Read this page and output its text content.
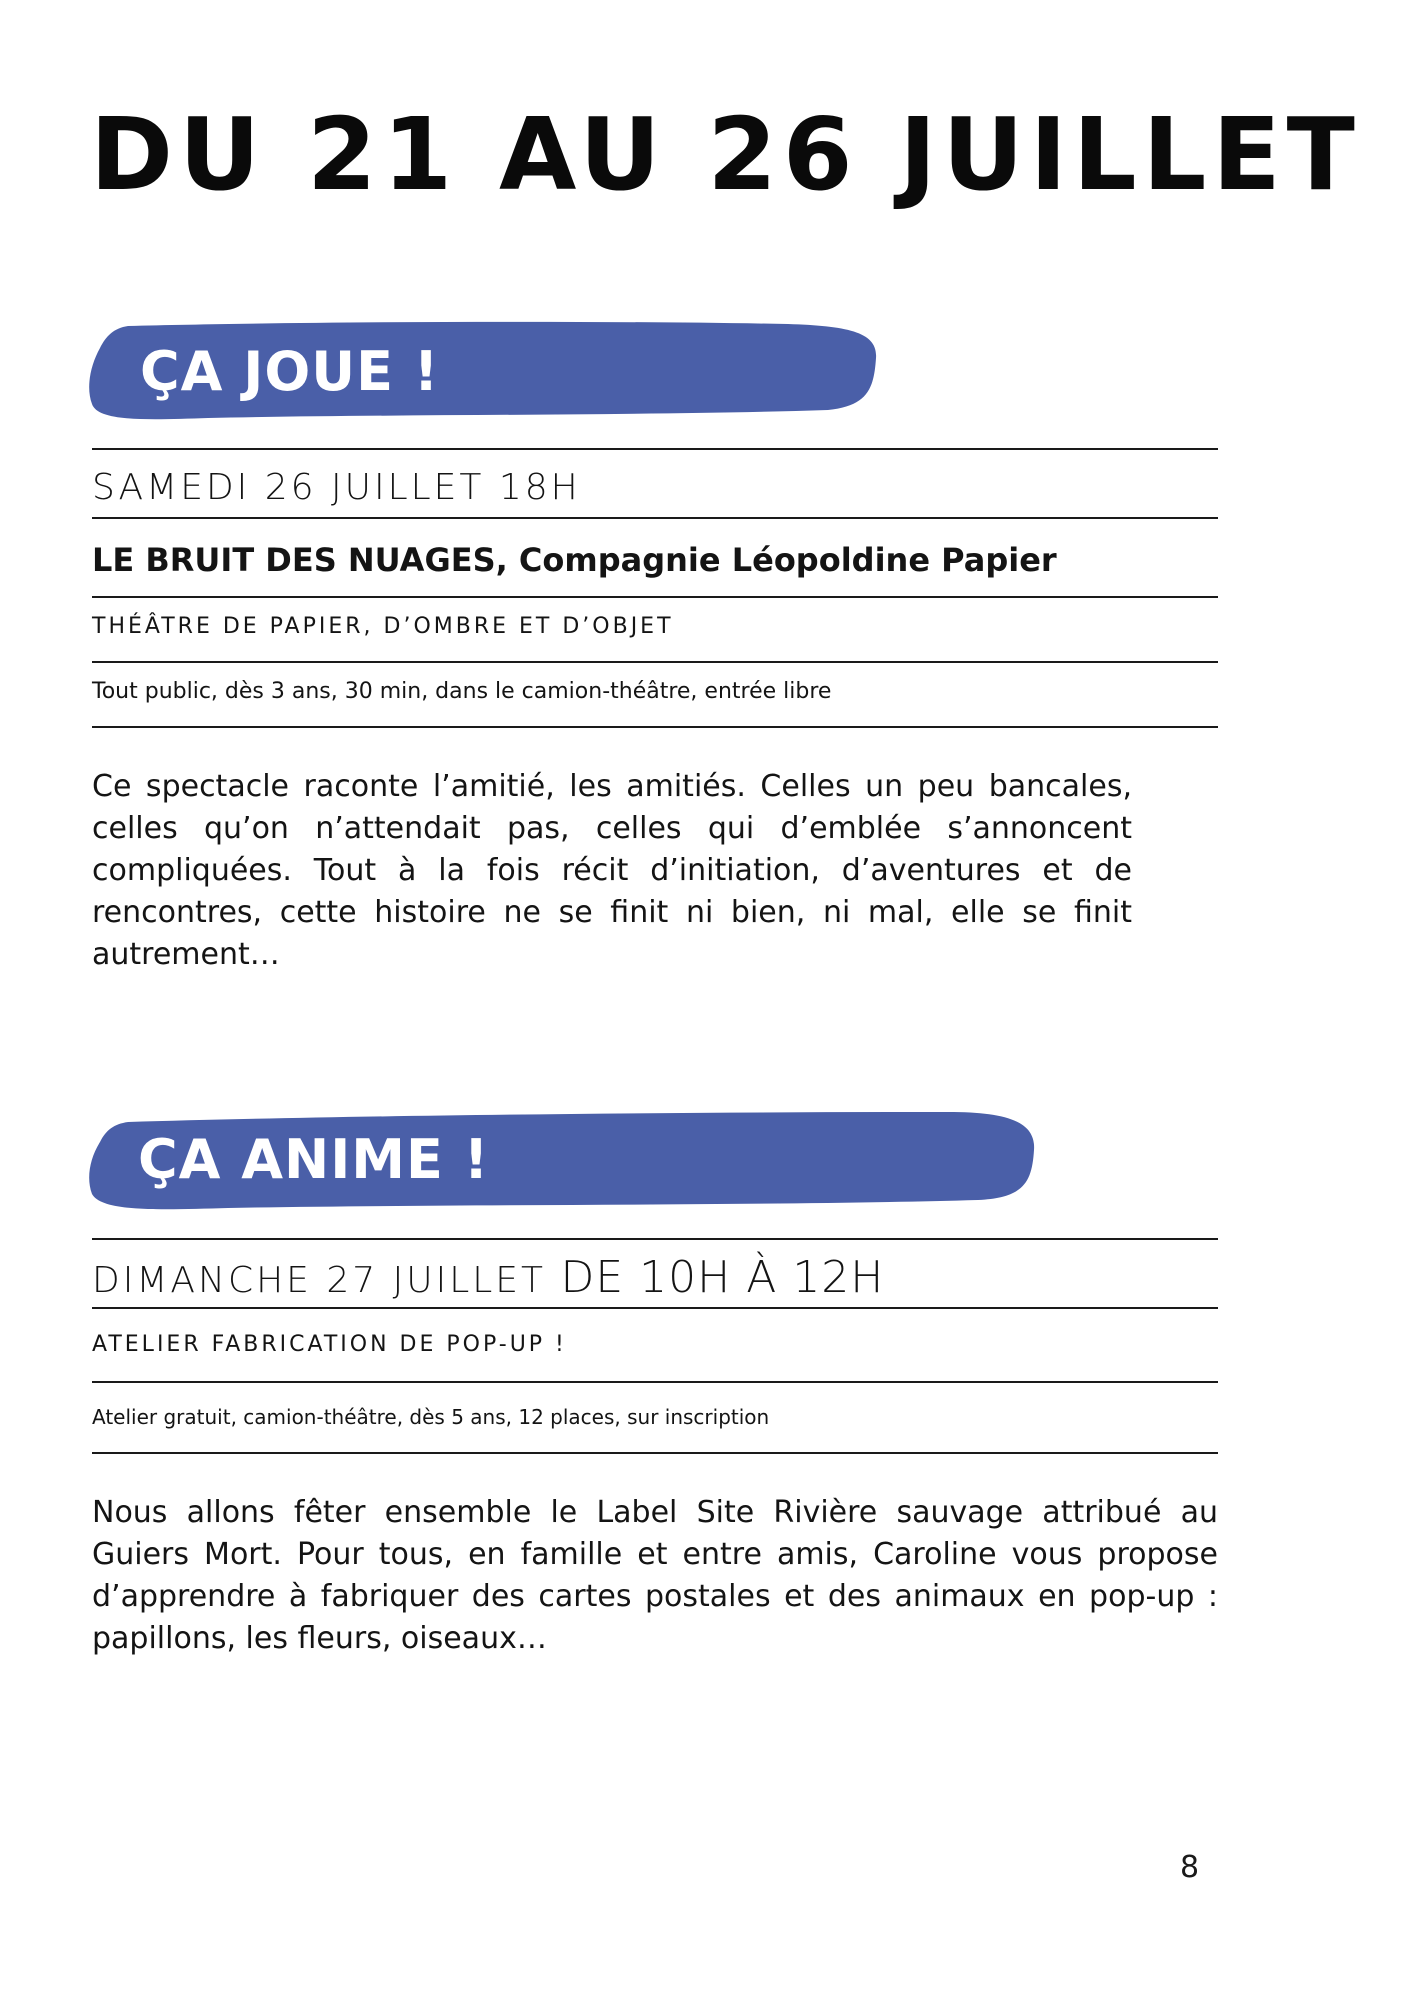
DU 21 AU 26 JUILLET

ÇA JOUE !

SAMEDI 26 JUILLET 18H

LE BRUIT DES NUAGES, Compagnie Léopoldine Papier

THÉÂTRE DE PAPIER, D’OMBRE ET D’OBJET

Tout public, dès 3 ans, 30 min, dans le camion-théâtre, entrée libre

Ce spectacle raconte l’amitié, les amitiés. Celles un peu bancales, celles qu’on n’attendait pas, celles qui d’emblée s’annoncent compliquées. Tout à la fois récit d’initiation, d’aventures et de rencontres, cette histoire ne se finit ni bien, ni mal, elle se finit autrement…

ÇA ANIME !

DIMANCHE 27 JUILLET DE 10H À 12H

ATELIER FABRICATION DE POP-UP !

Atelier gratuit, camion-théâtre, dès 5 ans, 12 places, sur inscription

Nous allons fêter ensemble le Label Site Rivière sauvage attribué au Guiers Mort. Pour tous, en famille et entre amis, Caroline vous propose d’apprendre à fabriquer des cartes postales et des animaux en pop-up : papillons, les fleurs, oiseaux…

8
